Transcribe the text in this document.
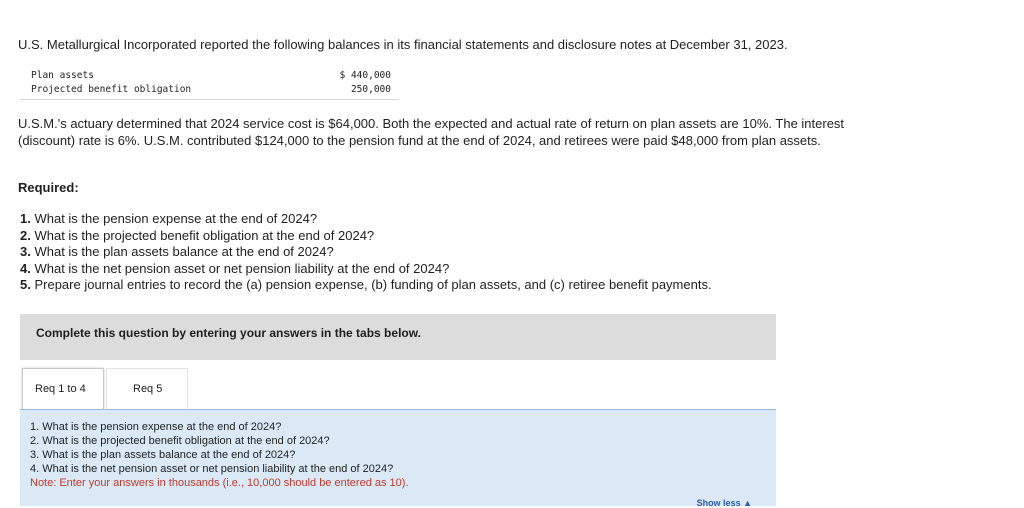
U.S. Metallurgical Incorporated reported the following balances in its financial statements and disclosure notes at December 31, 2023.
Plan assets	$ 440,000
Projected benefit obligation	250,000
U.S.M.'s actuary determined that 2024 service cost is $64,000. Both the expected and actual rate of return on plan assets are 10%. The interest (discount) rate is 6%. U.S.M. contributed $124,000 to the pension fund at the end of 2024, and retirees were paid $48,000 from plan assets.
Required:
1. What is the pension expense at the end of 2024?
2. What is the projected benefit obligation at the end of 2024?
3. What is the plan assets balance at the end of 2024?
4. What is the net pension asset or net pension liability at the end of 2024?
5. Prepare journal entries to record the (a) pension expense, (b) funding of plan assets, and (c) retiree benefit payments.
Complete this question by entering your answers in the tabs below.
Req 1 to 4	Req 5
1. What is the pension expense at the end of 2024?
2. What is the projected benefit obligation at the end of 2024?
3. What is the plan assets balance at the end of 2024?
4. What is the net pension asset or net pension liability at the end of 2024?
Note: Enter your answers in thousands (i.e., 10,000 should be entered as 10).
Show less ▲
